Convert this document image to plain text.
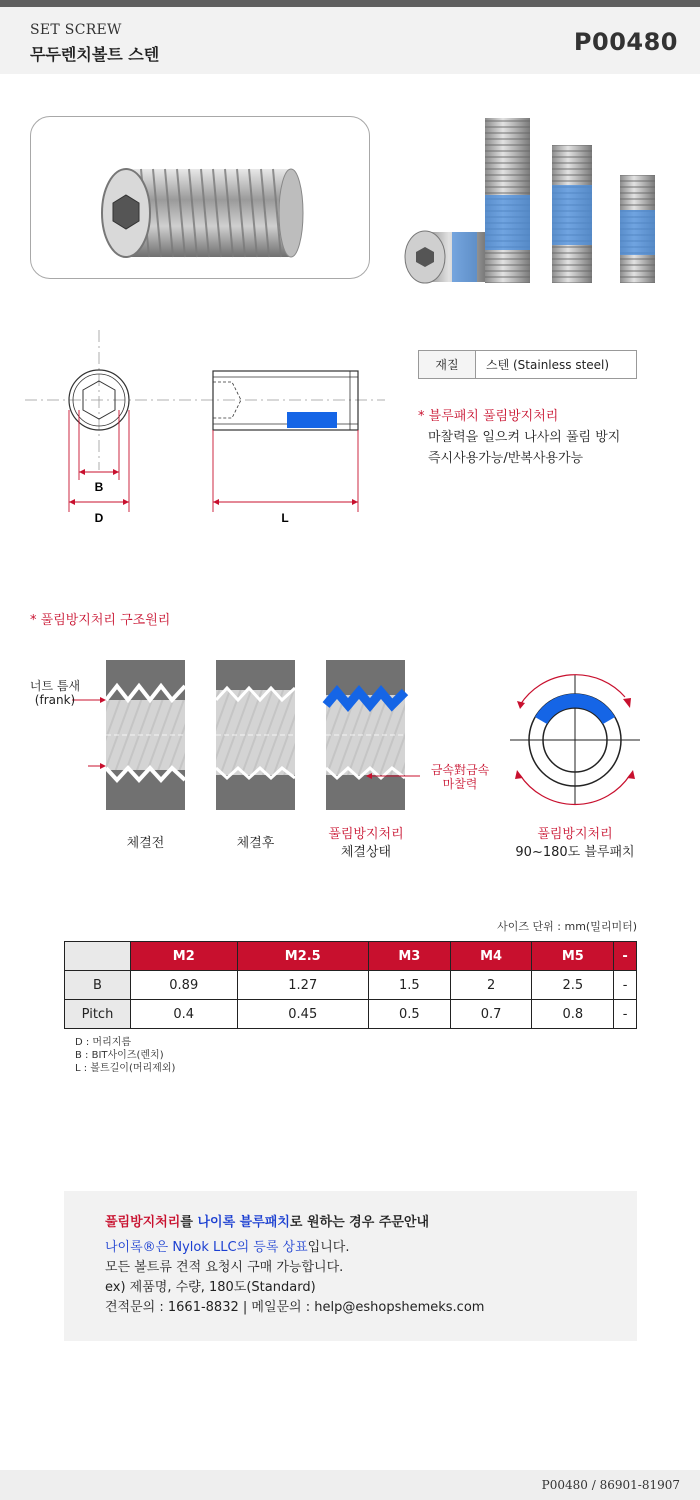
SET SCREW
무두렌치볼트 스텐	P00480
B
D	L
재질	스텐 (Stainless steel)
* 블루패치 풀림방지처리
마찰력을 일으켜 나사의 풀림 방지
즉시사용가능/반복사용가능
* 풀림방지처리 구조원리
너트 틈새
(frank)
금속對금속
마찰력
체결전	체결후
풀림방지처리
체결상태
풀림방지처리
90~180도 블루패치
사이즈 단위 : mm(밀리미터)
	M2	M2.5	M3	M4	M5	-
B	0.89	1.27	1.5	2	2.5	-
Pitch	0.4	0.45	0.5	0.7	0.8	-
D : 머리지름
B : BIT사이즈(렌치)
L : 볼트길이(머리제외)
풀림방지처리를 나이록 블루패치로 원하는 경우 주문안내
나이록®은 Nylok LLC의 등록 상표입니다.
모든 볼트류 견적 요청시 구매 가능합니다.
ex) 제품명, 수량, 180도(Standard)
견적문의 : 1661-8832 | 메일문의 : help@eshopshemeks.com
P00480 / 86901-81907
